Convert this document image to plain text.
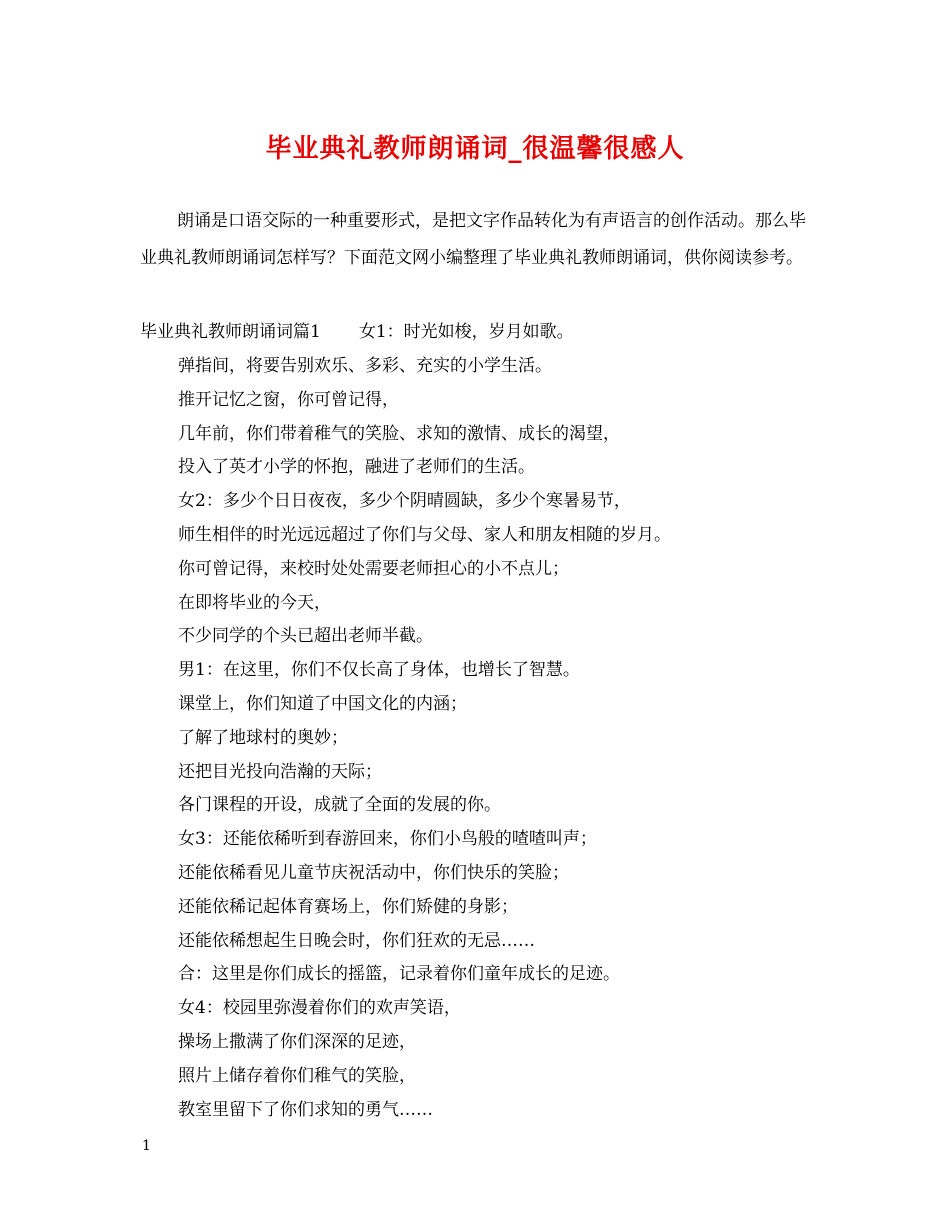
毕业典礼教师朗诵词_很温馨很感人

朗诵是口语交际的一种重要形式，是把文字作品转化为有声语言的创作活动。那么毕业典礼教师朗诵词怎样写？下面范文网小编整理了毕业典礼教师朗诵词，供你阅读参考。

毕业典礼教师朗诵词篇1 女1：时光如梭，岁月如歌。
弹指间，将要告别欢乐、多彩、充实的小学生活。
推开记忆之窗，你可曾记得，
几年前，你们带着稚气的笑脸、求知的激情、成长的渴望，
投入了英才小学的怀抱，融进了老师们的生活。
女2：多少个日日夜夜，多少个阴晴圆缺，多少个寒暑易节，
师生相伴的时光远远超过了你们与父母、家人和朋友相随的岁月。
你可曾记得，来校时处处需要老师担心的小不点儿；
在即将毕业的今天，
不少同学的个头已超出老师半截。
男1：在这里，你们不仅长高了身体，也增长了智慧。
课堂上，你们知道了中国文化的内涵；
了解了地球村的奥妙；
还把目光投向浩瀚的天际；
各门课程的开设，成就了全面的发展的你。
女3：还能依稀听到春游回来，你们小鸟般的喳喳叫声；
还能依稀看见儿童节庆祝活动中，你们快乐的笑脸；
还能依稀记起体育赛场上，你们矫健的身影；
还能依稀想起生日晚会时，你们狂欢的无忌……
合：这里是你们成长的摇篮，记录着你们童年成长的足迹。
女4：校园里弥漫着你们的欢声笑语，
操场上撒满了你们深深的足迹，
照片上储存着你们稚气的笑脸，
教室里留下了你们求知的勇气……
1
